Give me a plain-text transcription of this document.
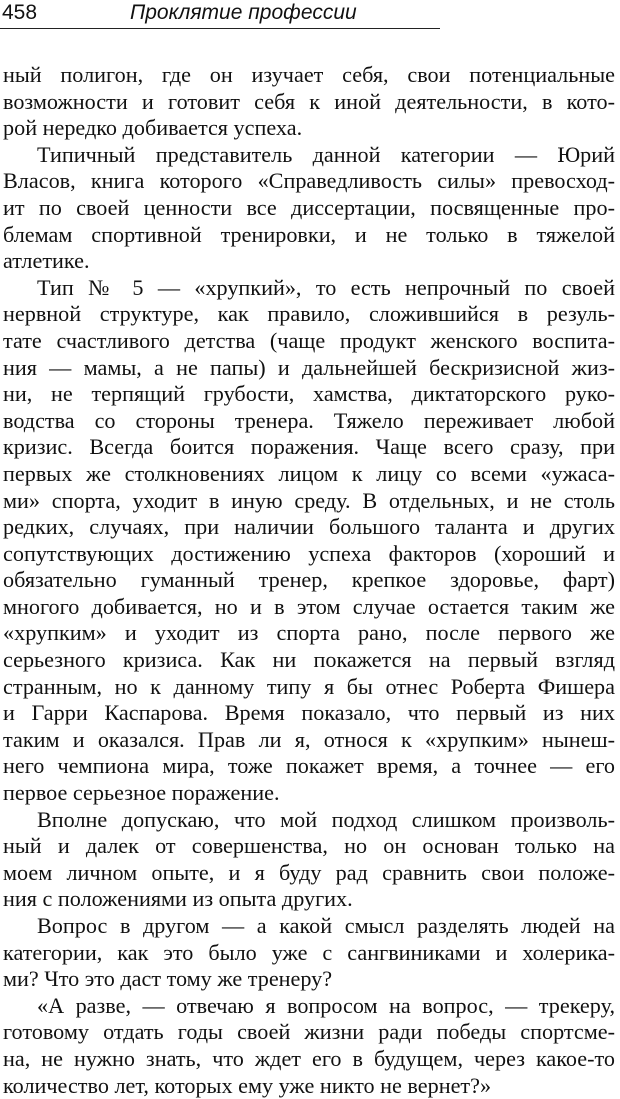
458	Проклятие профессии
ный полигон, где он изучает себя, свои потенциальные
возможности и готовит себя к иной деятельности, в кото-
рой нередко добивается успеха.
Типичный представитель данной категории — Юрий
Власов, книга которого «Справедливость силы» превосход-
ит по своей ценности все диссертации, посвященные про-
блемам спортивной тренировки, и не только в тяжелой
атлетике.
Тип № 5 — «хрупкий», то есть непрочный по своей
нервной структуре, как правило, сложившийся в резуль-
тате счастливого детства (чаще продукт женского воспита-
ния — мамы, а не папы) и дальнейшей бескризисной жиз-
ни, не терпящий грубости, хамства, диктаторского руко-
водства со стороны тренера. Тяжело переживает любой
кризис. Всегда боится поражения. Чаще всего сразу, при
первых же столкновениях лицом к лицу со всеми «ужаса-
ми» спорта, уходит в иную среду. В отдельных, и не столь
редких, случаях, при наличии большого таланта и других
сопутствующих достижению успеха факторов (хороший и
обязательно гуманный тренер, крепкое здоровье, фарт)
многого добивается, но и в этом случае остается таким же
«хрупким» и уходит из спорта рано, после первого же
серьезного кризиса. Как ни покажется на первый взгляд
странным, но к данному типу я бы отнес Роберта Фишера
и Гарри Каспарова. Время показало, что первый из них
таким и оказался. Прав ли я, относя к «хрупким» нынеш-
него чемпиона мира, тоже покажет время, а точнее — его
первое серьезное поражение.
Вполне допускаю, что мой подход слишком произволь-
ный и далек от совершенства, но он основан только на
моем личном опыте, и я буду рад сравнить свои положе-
ния с положениями из опыта других.
Вопрос в другом — а какой смысл разделять людей на
категории, как это было уже с сангвиниками и холерика-
ми? Что это даст тому же тренеру?
«А разве, — отвечаю я вопросом на вопрос, — трекеру,
готовому отдать годы своей жизни ради победы спортсме-
на, не нужно знать, что ждет его в будущем, через какое-то
количество лет, которых ему уже никто не вернет?»
